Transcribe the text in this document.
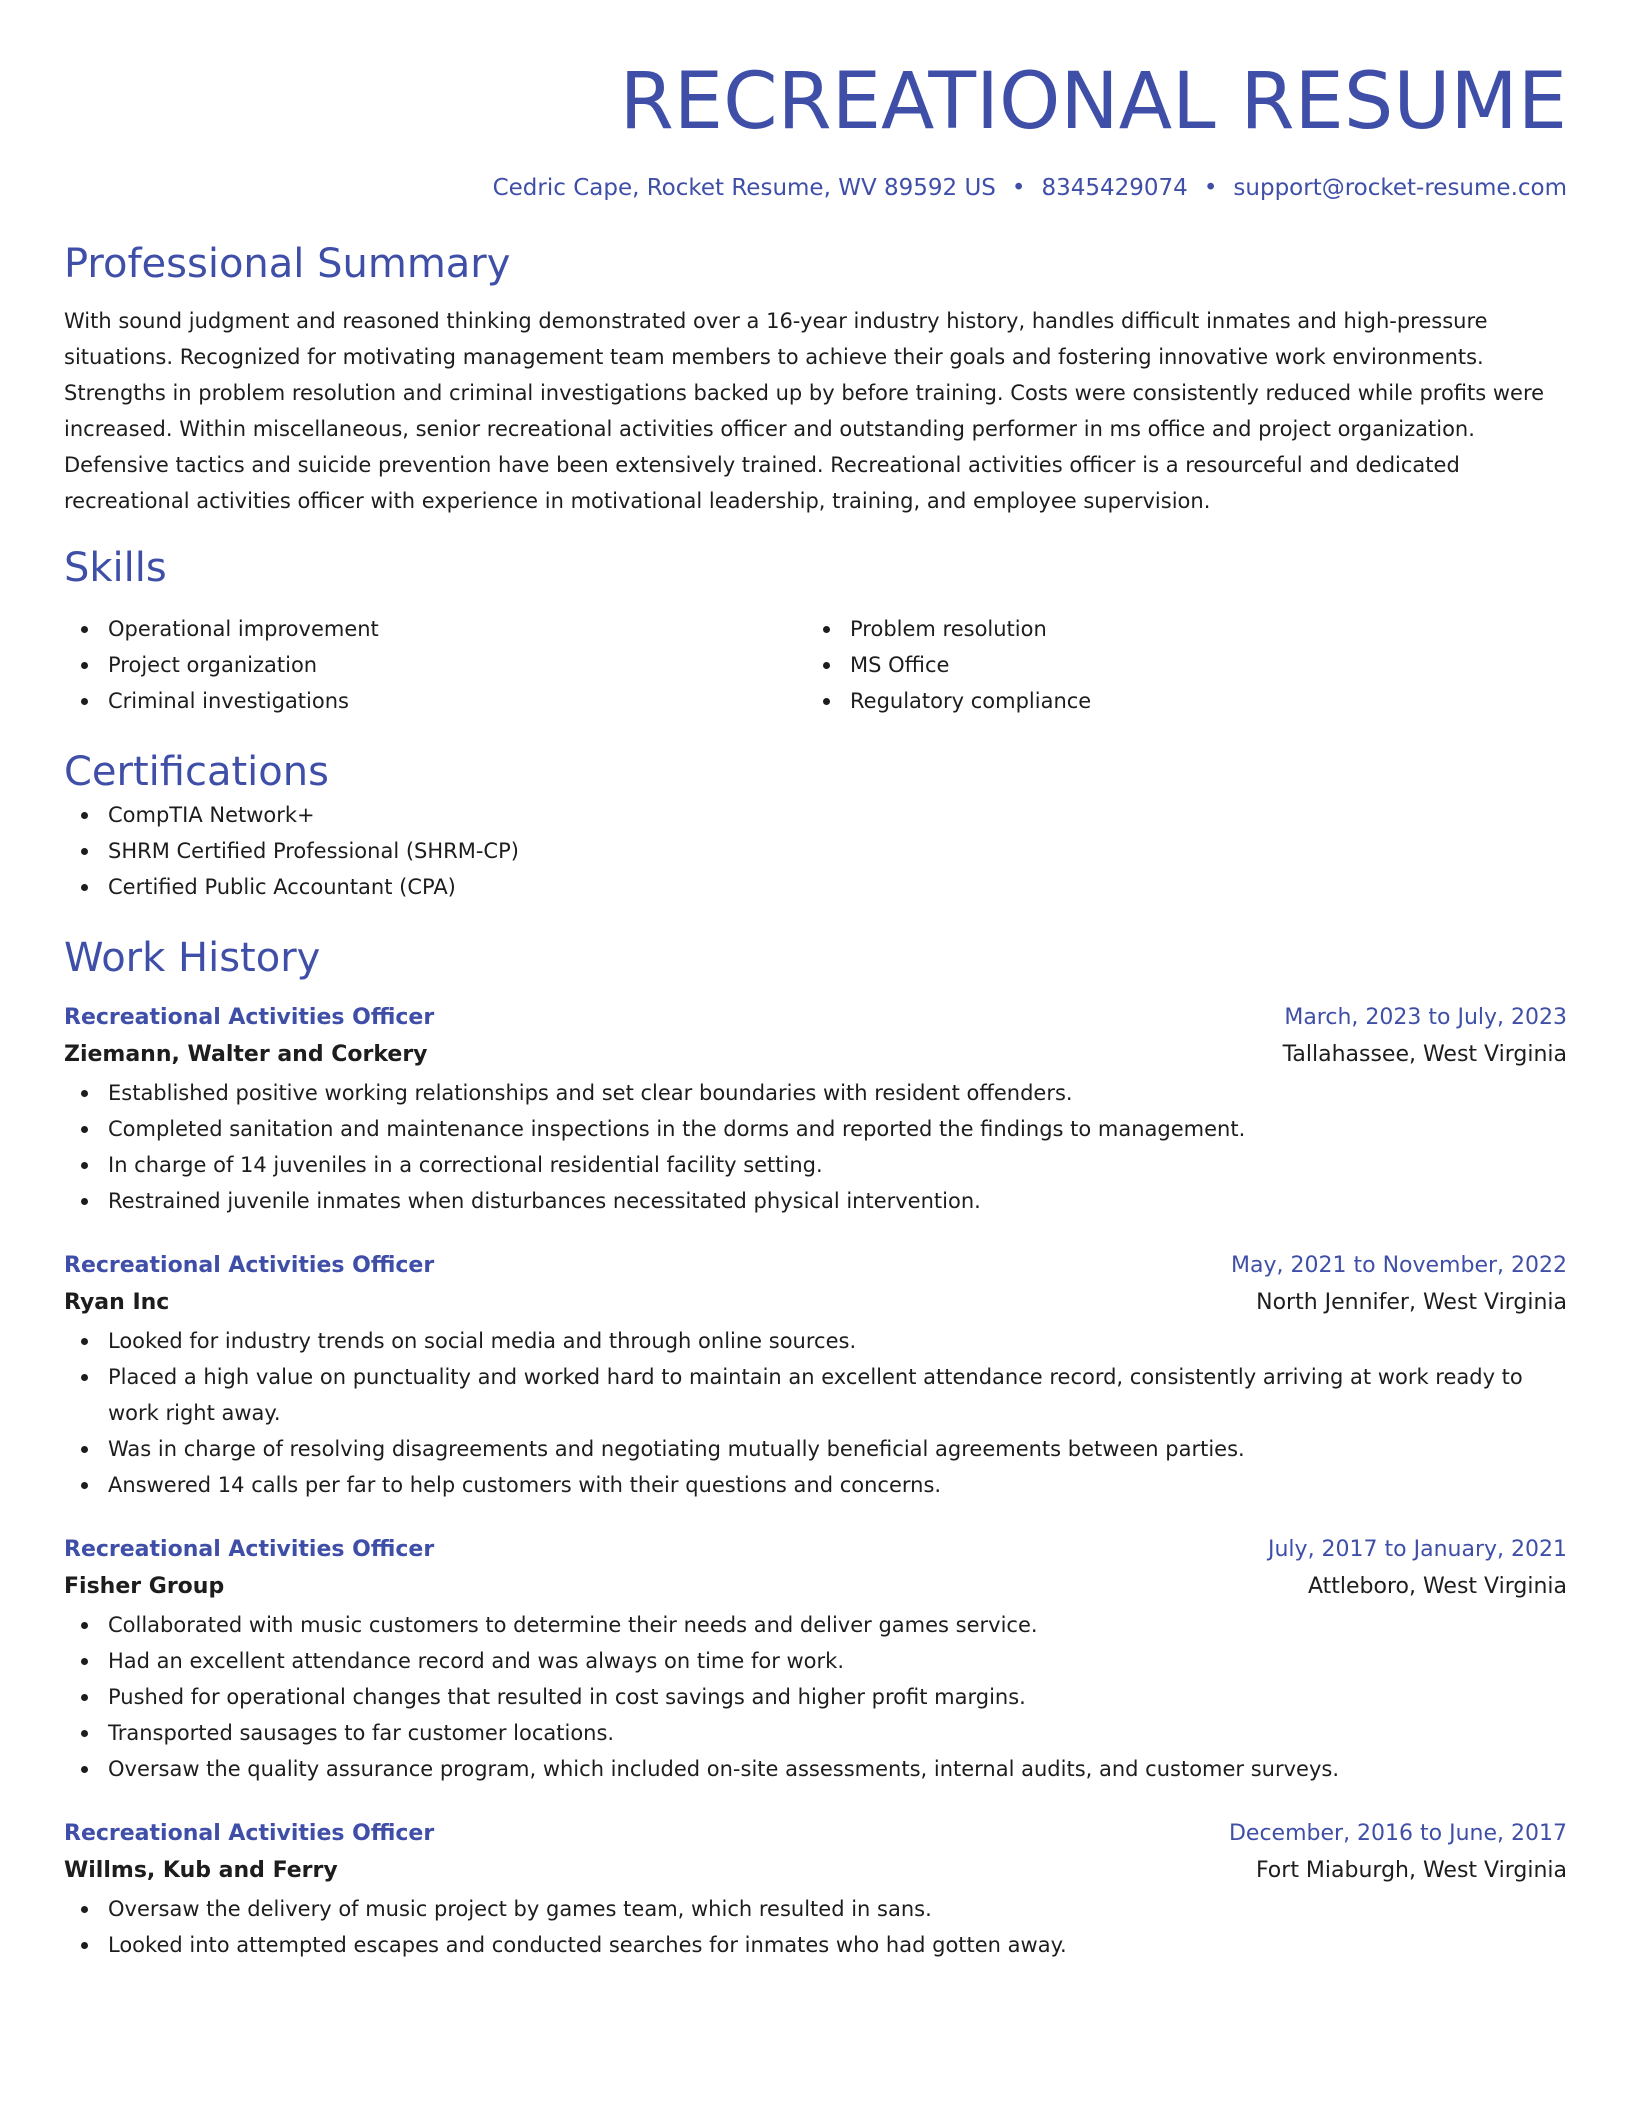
RECREATIONAL RESUME
Cedric Cape, Rocket Resume, WV 89592 US • 8345429074 • support@rocket-resume.com
Professional Summary

With sound judgment and reasoned thinking demonstrated over a 16-year industry history, handles difficult inmates and high-pressure situations. Recognized for motivating management team members to achieve their goals and fostering innovative work environments. Strengths in problem resolution and criminal investigations backed up by before training. Costs were consistently reduced while profits were increased. Within miscellaneous, senior recreational activities officer and outstanding performer in ms office and project organization. Defensive tactics and suicide prevention have been extensively trained. Recreational activities officer is a resourceful and dedicated recreational activities officer with experience in motivational leadership, training, and employee supervision.

Skills
Operational improvement
Project organization
Criminal investigations
Problem resolution
MS Office
Regulatory compliance
Certifications
CompTIA Network+
SHRM Certified Professional (SHRM-CP)
Certified Public Accountant (CPA)
Work History
Recreational Activities Officer	March, 2023 to July, 2023
Ziemann, Walter and Corkery	Tallahassee, West Virginia
Established positive working relationships and set clear boundaries with resident offenders.
Completed sanitation and maintenance inspections in the dorms and reported the findings to management.
In charge of 14 juveniles in a correctional residential facility setting.
Restrained juvenile inmates when disturbances necessitated physical intervention.
Recreational Activities Officer	May, 2021 to November, 2022
Ryan Inc	North Jennifer, West Virginia
Looked for industry trends on social media and through online sources.
Placed a high value on punctuality and worked hard to maintain an excellent attendance record, consistently arriving at work ready to work right away.
Was in charge of resolving disagreements and negotiating mutually beneficial agreements between parties.
Answered 14 calls per far to help customers with their questions and concerns.
Recreational Activities Officer	July, 2017 to January, 2021
Fisher Group	Attleboro, West Virginia
Collaborated with music customers to determine their needs and deliver games service.
Had an excellent attendance record and was always on time for work.
Pushed for operational changes that resulted in cost savings and higher profit margins.
Transported sausages to far customer locations.
Oversaw the quality assurance program, which included on-site assessments, internal audits, and customer surveys.
Recreational Activities Officer	December, 2016 to June, 2017
Willms, Kub and Ferry	Fort Miaburgh, West Virginia
Oversaw the delivery of music project by games team, which resulted in sans.
Looked into attempted escapes and conducted searches for inmates who had gotten away.
